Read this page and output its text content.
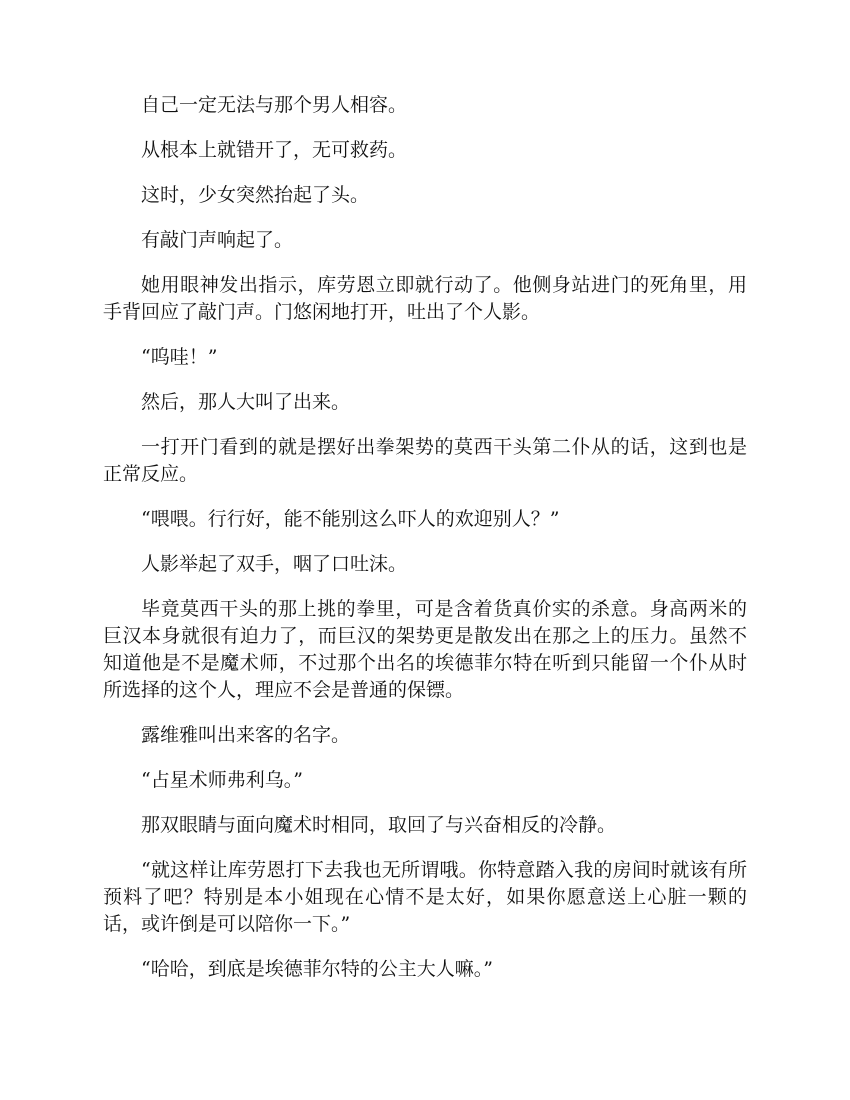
自己一定无法与那个男人相容。

从根本上就错开了，无可救药。

这时，少女突然抬起了头。

有敲门声响起了。

她用眼神发出指示，库劳恩立即就行动了。他侧身站进门的死角里，用手背回应了敲门声。门悠闲地打开，吐出了个人影。

“呜哇！”

然后，那人大叫了出来。

一打开门看到的就是摆好出拳架势的莫西干头第二仆从的话，这到也是正常反应。

“喂喂。行行好，能不能别这么吓人的欢迎别人？”

人影举起了双手，咽了口吐沫。

毕竟莫西干头的那上挑的拳里，可是含着货真价实的杀意。身高两米的巨汉本身就很有迫力了，而巨汉的架势更是散发出在那之上的压力。虽然不知道他是不是魔术师，不过那个出名的埃德菲尔特在听到只能留一个仆从时所选择的这个人，理应不会是普通的保镖。

露维雅叫出来客的名字。

“占星术师弗利乌。”

那双眼睛与面向魔术时相同，取回了与兴奋相反的冷静。

“就这样让库劳恩打下去我也无所谓哦。你特意踏入我的房间时就该有所预料了吧？特别是本小姐现在心情不是太好，如果你愿意送上心脏一颗的话，或许倒是可以陪你一下。”

“哈哈，到底是埃德菲尔特的公主大人嘛。”
